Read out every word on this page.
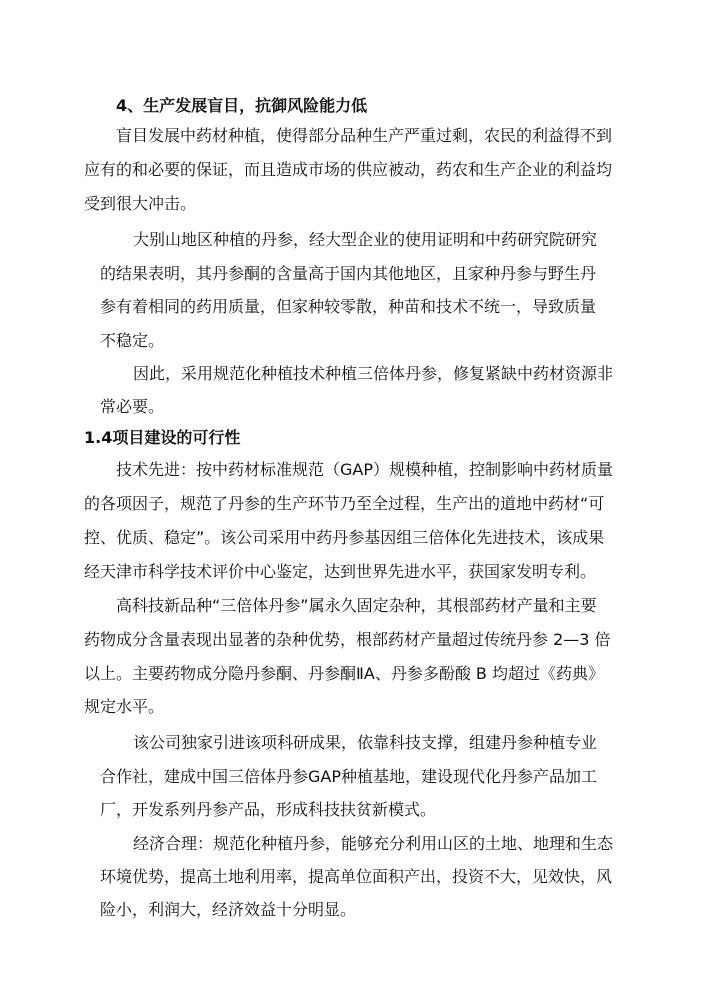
4、生产发展盲目，抗御风险能力低
盲目发展中药材种植，使得部分品种生产严重过剩，农民的利益得不到
应有的和必要的保证，而且造成市场的供应被动，药农和生产企业的利益均
受到很大冲击。
大别山地区种植的丹参，经大型企业的使用证明和中药研究院研究
的结果表明，其丹参酮的含量高于国内其他地区，且家种丹参与野生丹
参有着相同的药用质量，但家种较零散，种苗和技术不统一，导致质量
不稳定。
因此，采用规范化种植技术种植三倍体丹参，修复紧缺中药材资源非
常必要。
1.4项目建设的可行性
技术先进：按中药材标准规范（GAP）规模种植，控制影响中药材质量
的各项因子，规范了丹参的生产环节乃至全过程，生产出的道地中药材“可
控、优质、稳定”。该公司采用中药丹参基因组三倍体化先进技术，该成果
经天津市科学技术评价中心鉴定，达到世界先进水平，获国家发明专利。
高科技新品种“三倍体丹参”属永久固定杂种，其根部药材产量和主要
药物成分含量表现出显著的杂种优势，根部药材产量超过传统丹参 2—3 倍
以上。主要药物成分隐丹参酮、丹参酮ⅡA、丹参多酚酸 B 均超过《药典》
规定水平。
该公司独家引进该项科研成果，依靠科技支撑，组建丹参种植专业
合作社，建成中国三倍体丹参GAP种植基地，建设现代化丹参产品加工
厂，开发系列丹参产品，形成科技扶贫新模式。
经济合理：规范化种植丹参，能够充分利用山区的土地、地理和生态
环境优势，提高土地利用率，提高单位面积产出，投资不大，见效快，风
险小，利润大，经济效益十分明显。
